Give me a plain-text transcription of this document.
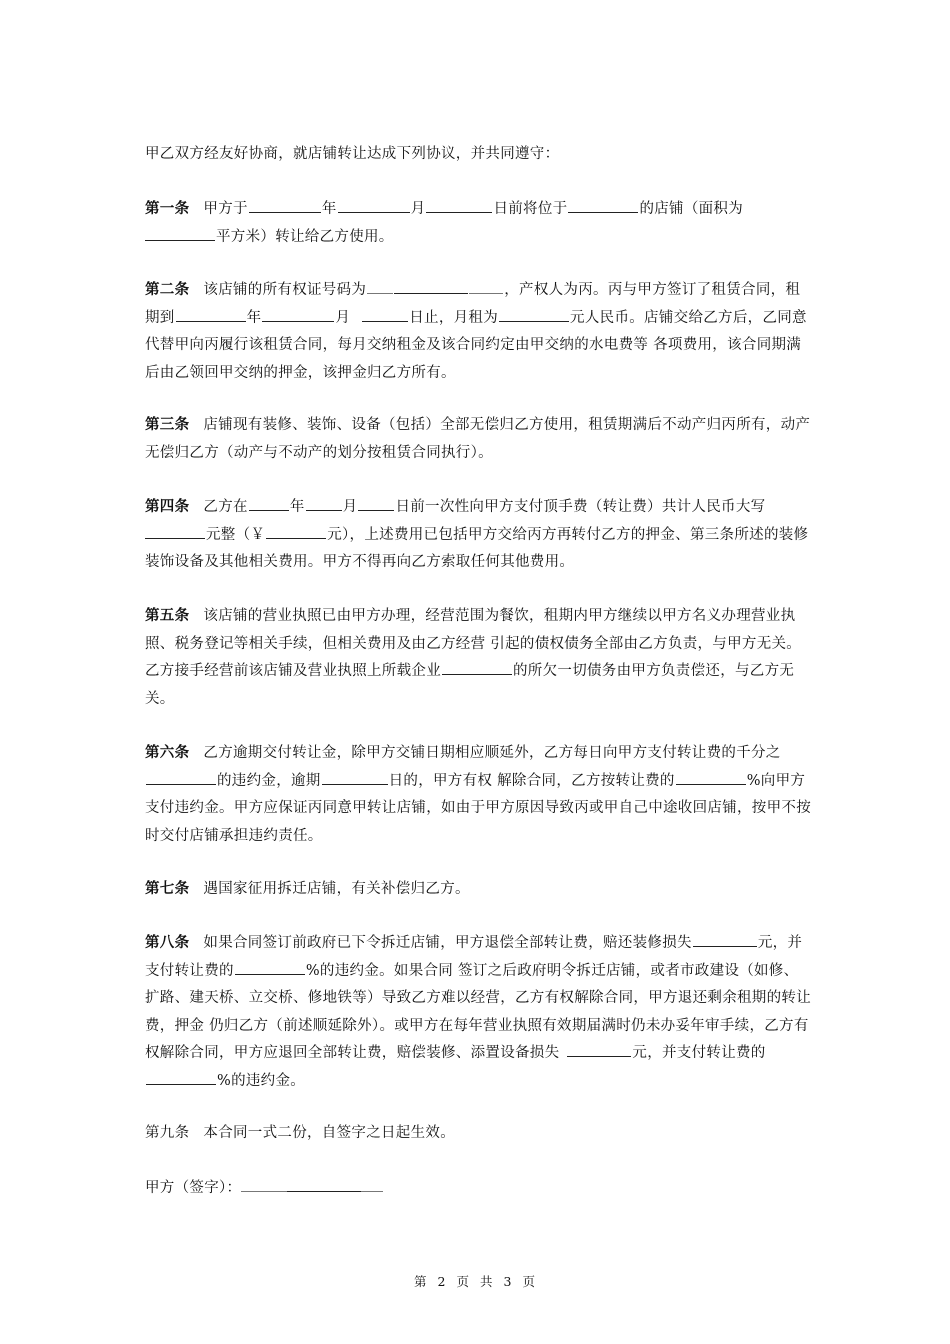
甲乙双方经友好协商，就店铺转让达成下列协议，并共同遵守：
第一条 甲方于	年	月	日前将位于	的店铺（面积为
平方米）转让给乙方使用。
第二条 该店铺的所有权证号码为	，产权人为丙。丙与甲方签订了租赁合同，租期到	年	月	日止，月租为	元人民币。店铺交给乙方后，乙同意代替甲向丙履行该租赁合同，每月交纳租金及该合同约定由甲交纳的水电费等 各项费用，该合同期满后由乙领回甲交纳的押金，该押金归乙方所有。
第三条 店铺现有装修、装饰、设备（包括）全部无偿归乙方使用，租赁期满后不动产归丙所有，动产无偿归乙方（动产与不动产的划分按租赁合同执行）。
第四条 乙方在	年	月	日前一次性向甲方支付顶手费（转让费）共计人民币大写
元整（￥	元），上述费用已包括甲方交给丙方再转付乙方的押金、第三条所述的装修装饰设备及其他相关费用。甲方不得再向乙方索取任何其他费用。
第五条 该店铺的营业执照已由甲方办理，经营范围为餐饮，租期内甲方继续以甲方名义办理营业执照、税务登记等相关手续，但相关费用及由乙方经营 引起的债权债务全部由乙方负责，与甲方无关。乙方接手经营前该店铺及营业执照上所载企业	的所欠一切债务由甲方负责偿还，与乙方无关。
第六条 乙方逾期交付转让金，除甲方交铺日期相应顺延外，乙方每日向甲方支付转让费的千分之的违约金，逾期	日的，甲方有权 解除合同，乙方按转让费的	%向甲方支付违约金。甲方应保证丙同意甲转让店铺，如由于甲方原因导致丙或甲自己中途收回店铺，按甲不按时交付店铺承担违约责任。
第七条 遇国家征用拆迁店铺，有关补偿归乙方。
第八条 如果合同签订前政府已下令拆迁店铺，甲方退偿全部转让费，赔还装修损失	元，并支付转让费的	%的违约金。如果合同 签订之后政府明令拆迁店铺，或者市政建设（如修、扩路、建天桥、立交桥、修地铁等）导致乙方难以经营，乙方有权解除合同，甲方退还剩余租期的转让费，押金 仍归乙方（前述顺延除外）。或甲方在每年营业执照有效期届满时仍未办妥年审手续，乙方有权解除合同，甲方应退回全部转让费，赔偿装修、添置设备损失	元，并支付转让费的%的违约金。
第九条 本合同一式二份，自签字之日起生效。
甲方（签字）：
第 2 页 共 3 页
